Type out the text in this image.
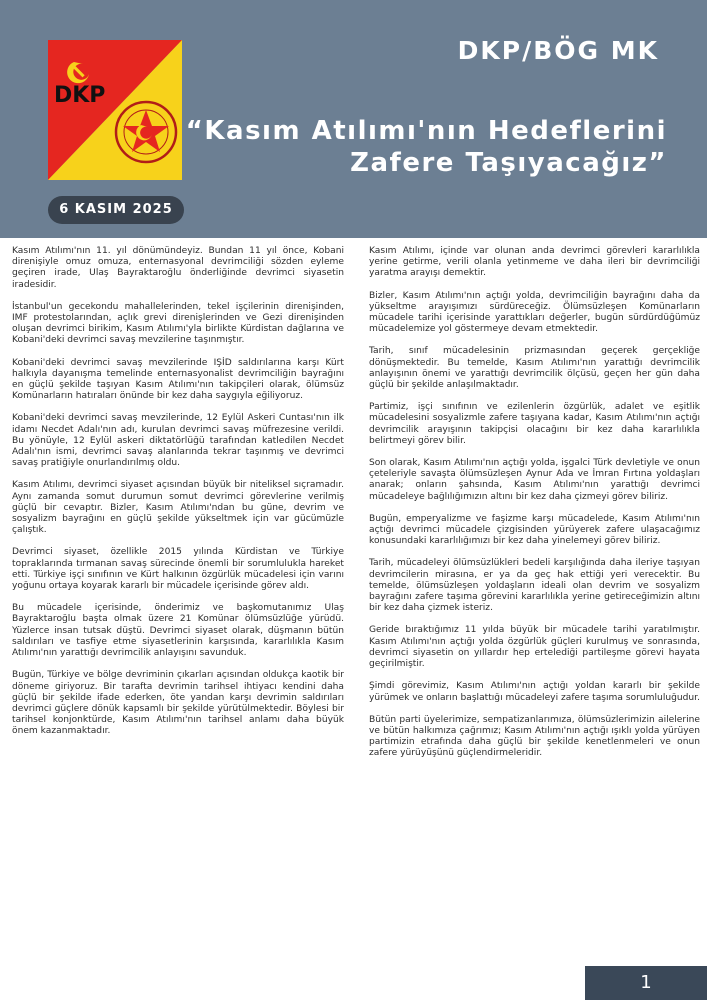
DKP
DKP/BÖG MK
“Kasım Atılımı'nın Hedeflerini
Zafere Taşıyacağız”
6 KASIM 2025

Kasım Atılımı'nın 11. yıl dönümündeyiz. Bundan 11 yıl önce, Kobani direnişiyle omuz omuza, enternasyonal devrimciliği sözden eyleme geçiren irade, Ulaş Bayraktaroğlu önderliğinde devrimci siyasetin iradesidir.

İstanbul'un gecekondu mahallelerinden, tekel işçilerinin direnişinden, IMF protestolarından, açlık grevi direnişlerinden ve Gezi direnişinden oluşan devrimci birikim, Kasım Atılımı'yla birlikte Kürdistan dağlarına ve Kobani'deki devrimci savaş mevzilerine taşınmıştır.

Kobani'deki devrimci savaş mevzilerinde IŞİD saldırılarına karşı Kürt halkıyla dayanışma temelinde enternasyonalist devrimciliğin bayrağını en güçlü şekilde taşıyan Kasım Atılımı'nın takipçileri olarak, ölümsüz Komünarların hatıraları önünde bir kez daha saygıyla eğiliyoruz.

Kobani'deki devrimci savaş mevzilerinde, 12 Eylül Askeri Cuntası'nın ilk idamı Necdet Adalı'nın adı, kurulan devrimci savaş müfrezesine verildi. Bu yönüyle, 12 Eylül askeri diktatörlüğü tarafından katledilen Necdet Adalı'nın ismi, devrimci savaş alanlarında tekrar taşınmış ve devrimci savaş pratiğiyle onurlandırılmış oldu.

Kasım Atılımı, devrimci siyaset açısından büyük bir niteliksel sıçramadır. Aynı zamanda somut durumun somut devrimci görevlerine verilmiş güçlü bir cevaptır. Bizler, Kasım Atılımı'ndan bu güne, devrim ve sosyalizm bayrağını en güçlü şekilde yükseltmek için var gücümüzle çalıştık.

Devrimci siyaset, özellikle 2015 yılında Kürdistan ve Türkiye topraklarında tırmanan savaş sürecinde önemli bir sorumlulukla hareket etti. Türkiye işçi sınıfının ve Kürt halkının özgürlük mücadelesi için varını yoğunu ortaya koyarak kararlı bir mücadele içerisinde görev aldı.

Bu mücadele içerisinde, önderimiz ve başkomutanımız Ulaş Bayraktaroğlu başta olmak üzere 21 Komünar ölümsüzlüğe yürüdü. Yüzlerce insan tutsak düştü. Devrimci siyaset olarak, düşmanın bütün saldırıları ve tasfiye etme siyasetlerinin karşısında, kararlılıkla Kasım Atılımı'nın yarattığı devrimcilik anlayışını savunduk.

Bugün, Türkiye ve bölge devriminin çıkarları açısından oldukça kaotik bir döneme giriyoruz. Bir tarafta devrimin tarihsel ihtiyacı kendini daha güçlü bir şekilde ifade ederken, öte yandan karşı devrimin saldırıları devrimci güçlere dönük kapsamlı bir şekilde yürütülmektedir. Böylesi bir tarihsel konjonktürde, Kasım Atılımı'nın tarihsel anlamı daha büyük önem kazanmaktadır.

Kasım Atılımı, içinde var olunan anda devrimci görevleri kararlılıkla yerine getirme, verili olanla yetinmeme ve daha ileri bir devrimciliği yaratma arayışı demektir.

Bizler, Kasım Atılımı'nın açtığı yolda, devrimciliğin bayrağını daha da yükseltme arayışımızı sürdüreceğiz. Ölümsüzleşen Komünarların mücadele tarihi içerisinde yarattıkları değerler, bugün sürdürdüğümüz mücadelemize yol göstermeye devam etmektedir.

Tarih, sınıf mücadelesinin prizmasından geçerek gerçekliğe dönüşmektedir. Bu temelde, Kasım Atılımı'nın yarattığı devrimcilik anlayışının önemi ve yarattığı devrimcilik ölçüsü, geçen her gün daha güçlü bir şekilde anlaşılmaktadır.

Partimiz, işçi sınıfının ve ezilenlerin özgürlük, adalet ve eşitlik mücadelesini sosyalizmle zafere taşıyana kadar, Kasım Atılımı'nın açtığı devrimcilik arayışının takipçisi olacağını bir kez daha kararlılıkla belirtmeyi görev bilir.

Son olarak, Kasım Atılımı'nın açtığı yolda, işgalci Türk devletiyle ve onun çeteleriyle savaşta ölümsüzleşen Aynur Ada ve İmran Fırtına yoldaşları anarak; onların şahsında, Kasım Atılımı'nın yarattığı devrimci mücadeleye bağlılığımızın altını bir kez daha çizmeyi görev biliriz.

Bugün, emperyalizme ve faşizme karşı mücadelede, Kasım Atılımı'nın açtığı devrimci mücadele çizgisinden yürüyerek zafere ulaşacağımız konusundaki kararlılığımızı bir kez daha yinelemeyi görev biliriz.

Tarih, mücadeleyi ölümsüzlükleri bedeli karşılığında daha ileriye taşıyan devrimcilerin mirasına, er ya da geç hak ettiği yeri verecektir. Bu temelde, ölümsüzleşen yoldaşların ideali olan devrim ve sosyalizm bayrağını zafere taşıma görevini kararlılıkla yerine getireceğimizin altını bir kez daha çizmek isteriz.

Geride bıraktığımız 11 yılda büyük bir mücadele tarihi yaratılmıştır. Kasım Atılımı'nın açtığı yolda özgürlük güçleri kurulmuş ve sonrasında, devrimci siyasetin on yıllardır hep ertelediği partileşme görevi hayata geçirilmiştir.

Şimdi görevimiz, Kasım Atılımı'nın açtığı yoldan kararlı bir şekilde yürümek ve onların başlattığı mücadeleyi zafere taşıma sorumluluğudur.

Bütün parti üyelerimize, sempatizanlarımıza, ölümsüzlerimizin ailelerine ve bütün halkımıza çağrımız; Kasım Atılımı'nın açtığı ışıklı yolda yürüyen partimizin etrafında daha güçlü bir şekilde kenetlenmeleri ve onun zafere yürüyüşünü güçlendirmeleridir.

1
